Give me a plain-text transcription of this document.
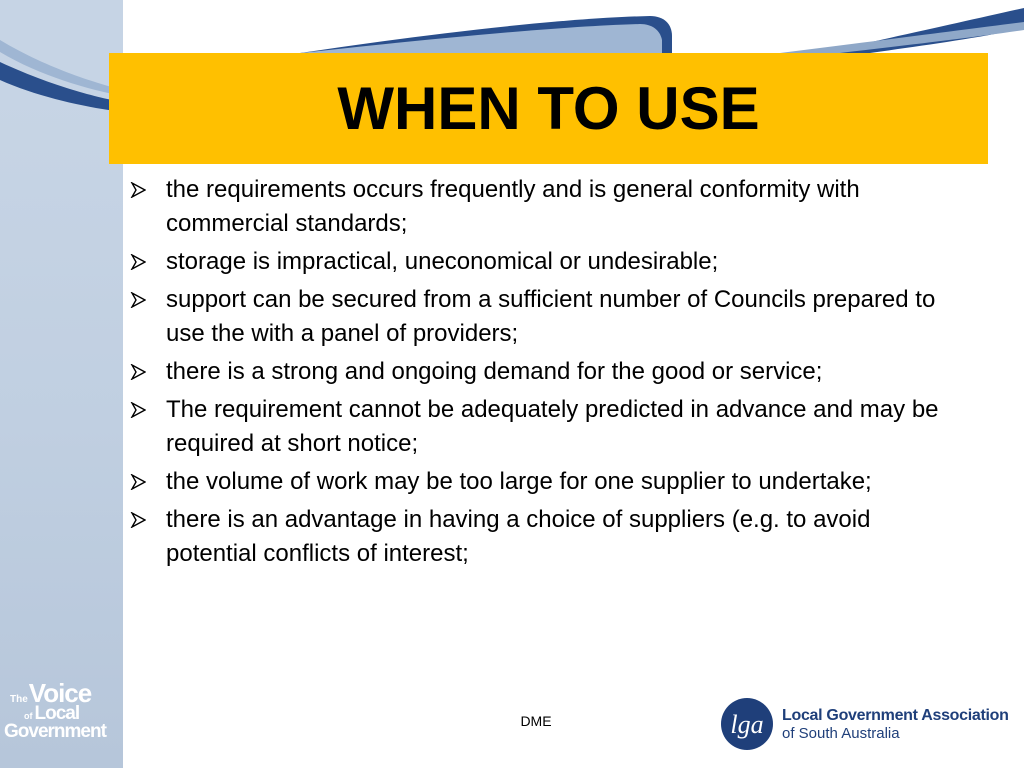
WHEN TO USE
the requirements occurs frequently and is general conformity with commercial standards;
storage is impractical, uneconomical or undesirable;
support can be secured from a sufficient number of Councils prepared to use the with a panel of providers;
there is a strong and ongoing demand for the good or service;
The requirement cannot be adequately predicted in advance and may be required at short notice;
the volume of work may be too large for one supplier to undertake;
there is an advantage in having a choice of suppliers (e.g. to avoid potential conflicts of interest;
DME
The Voice
of Local
Government	lga Local Government Association
of South Australia
